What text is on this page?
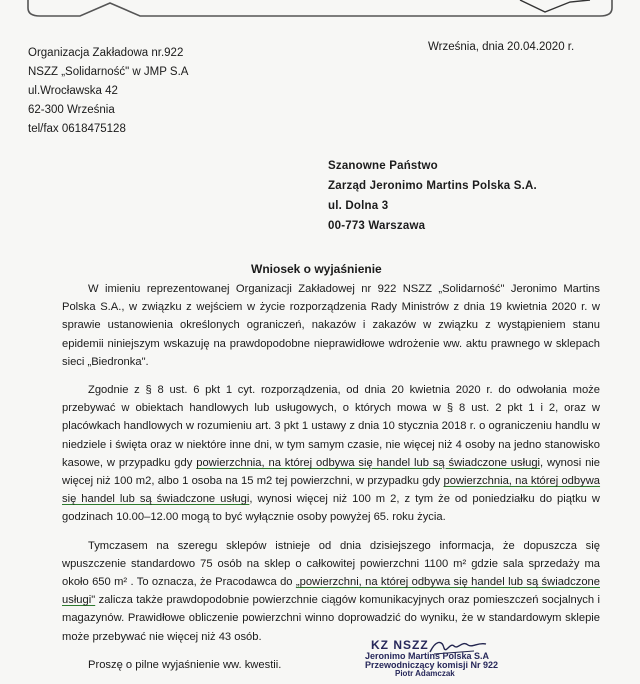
Organizacja Zakładowa nr.922
NSZZ „Solidarność" w JMP S.A
ul.Wrocławska 42
62-300 Września
tel/fax 0618475128
Września, dnia 20.04.2020 r.
Szanowne Państwo
Zarząd Jeronimo Martins Polska S.A.
ul. Dolna 3
00-773 Warszawa
Wniosek o wyjaśnienie

W imieniu reprezentowanej Organizacji Zakładowej nr 922 NSZZ „Solidarność" Jeronimo Martins Polska S.A., w związku z wejściem w życie rozporządzenia Rady Ministrów z dnia 19 kwietnia 2020 r. w sprawie ustanowienia określonych ograniczeń, nakazów i zakazów w związku z wystąpieniem stanu epidemii niniejszym wskazuję na prawdopodobne nieprawidłowe wdrożenie ww. aktu prawnego w sklepach sieci „Biedronka".

Zgodnie z § 8 ust. 6 pkt 1 cyt. rozporządzenia, od dnia 20 kwietnia 2020 r. do odwołania może przebywać w obiektach handlowych lub usługowych, o których mowa w § 8 ust. 2 pkt 1 i 2, oraz w placówkach handlowych w rozumieniu art. 3 pkt 1 ustawy z dnia 10 stycznia 2018 r. o ograniczeniu handlu w niedziele i święta oraz w niektóre inne dni, w tym samym czasie, nie więcej niż 4 osoby na jedno stanowisko kasowe, w przypadku gdy powierzchnia, na której odbywa się handel lub są świadczone usługi, wynosi nie więcej niż 100 m2, albo 1 osoba na 15 m2 tej powierzchni, w przypadku gdy powierzchnia, na której odbywa się handel lub są świadczone usługi, wynosi więcej niż 100 m 2, z tym że od poniedziałku do piątku w godzinach 10.00–12.00 mogą to być wyłącznie osoby powyżej 65. roku życia.

Tymczasem na szeregu sklepów istnieje od dnia dzisiejszego informacja, że dopuszcza się wpuszczenie standardowo 75 osób na sklep o całkowitej powierzchni 1100 m² gdzie sala sprzedaży ma około 650 m² . To oznacza, że Pracodawca do „powierzchni, na której odbywa się handel lub są świadczone usługi" zalicza także prawdopodobnie powierzchnie ciągów komunikacyjnych oraz pomieszczeń socjalnych i magazynów. Prawidłowe obliczenie powierzchni winno doprowadzić do wyniku, że w standardowym sklepie może przebywać nie więcej niż 43 osób.

Proszę o pilne wyjaśnienie ww. kwestii.

KZ NSZZ
Jeronimo Martins Polska S.A
Przewodniczący komisji Nr 922
Piotr Adamczak
